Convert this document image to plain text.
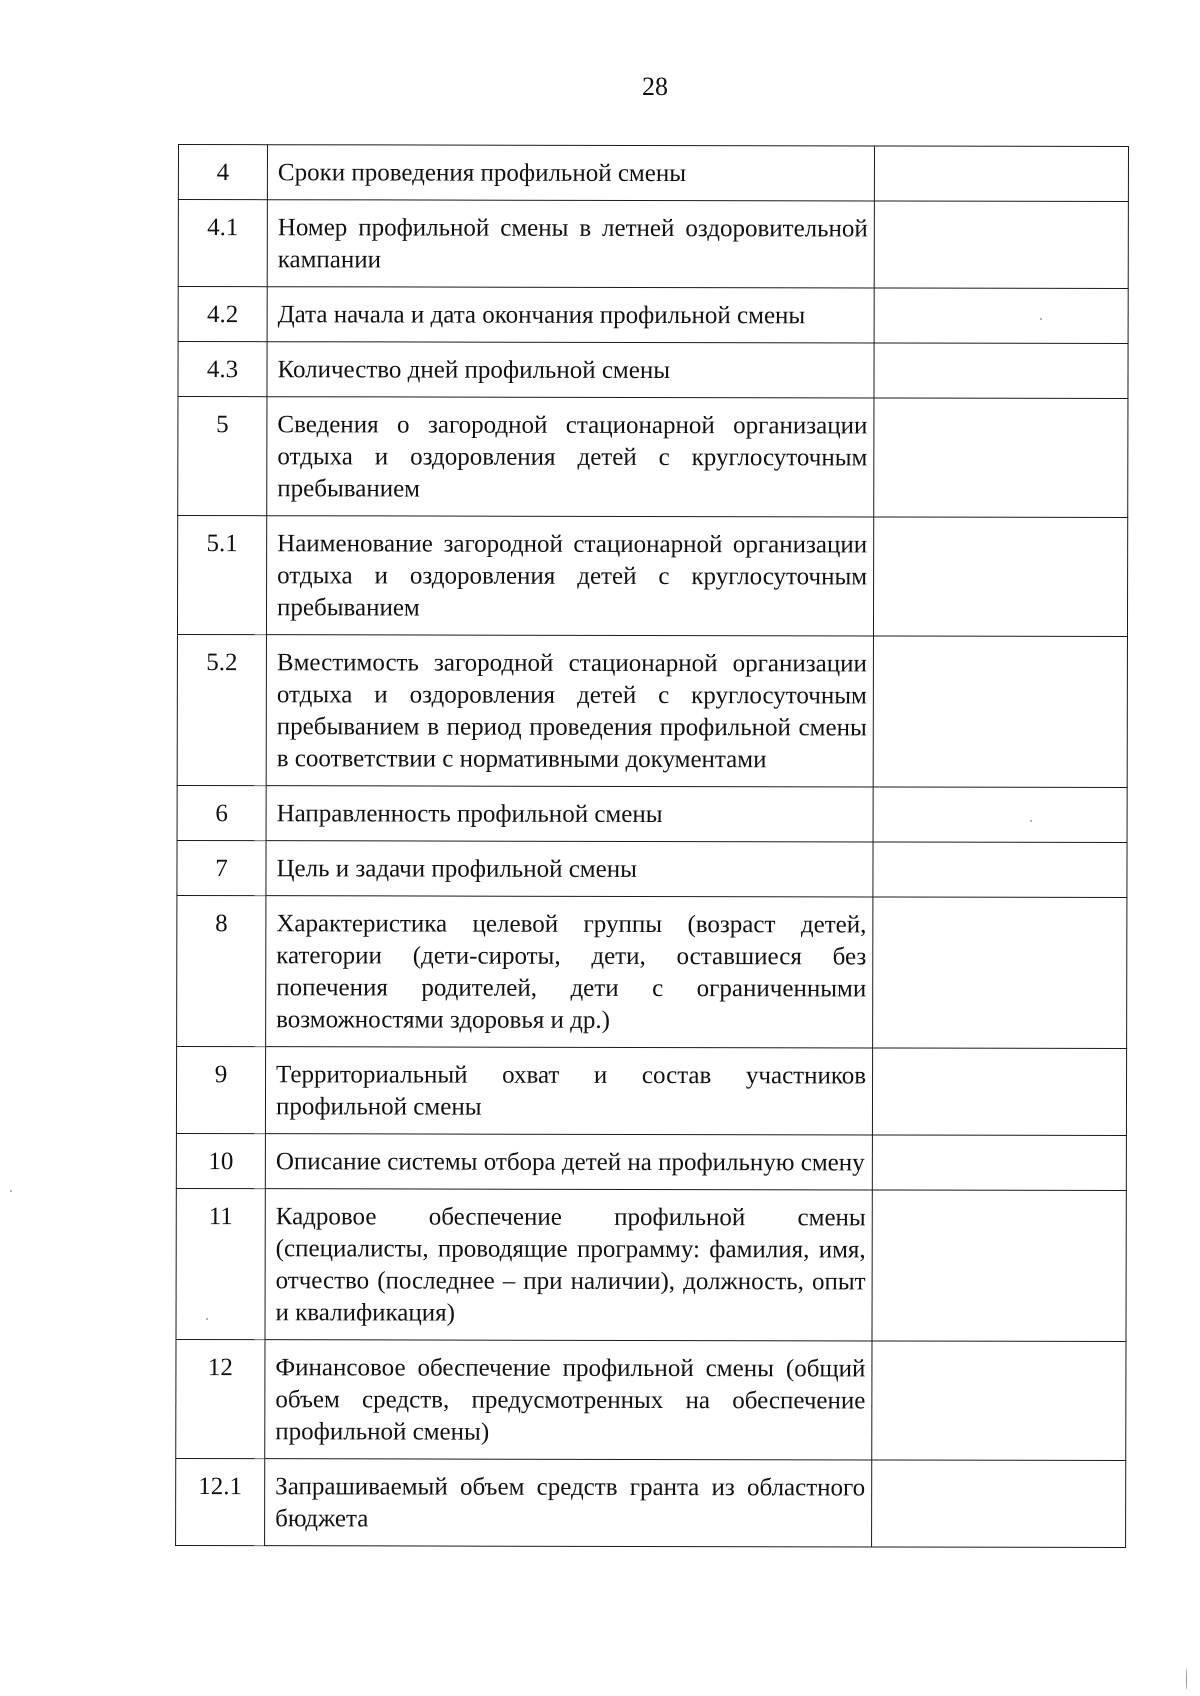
28
4	Сроки проведения профильной смены	
4.1	Номер профильной смены в летней оздоровительной кампании	
4.2	Дата начала и дата окончания профильной смены	
4.3	Количество дней профильной смены	
5	Сведения о загородной стационарной организации отдыха и оздоровления детей с круглосуточным пребыванием	
5.1	Наименование загородной стационарной организации отдыха и оздоровления детей с круглосуточным пребыванием	
5.2	Вместимость загородной стационарной организации отдыха и оздоровления детей с круглосуточным пребыванием в период проведения профильной смены в соответствии с нормативными документами	
6	Направленность профильной смены	
7	Цель и задачи профильной смены	
8	Характеристика целевой группы (возраст детей, категории (дети-сироты, дети, оставшиеся без попечения родителей, дети с ограниченными возможностями здоровья и др.)	
9	Территориальный охват и состав участников профильной смены	
10	Описание системы отбора детей на профильную смену	
11	Кадровое обеспечение профильной смены (специалисты, проводящие программу: фамилия, имя, отчество (последнее – при наличии), должность, опыт и квалификация)	
12	Финансовое обеспечение профильной смены (общий объем средств, предусмотренных на обеспечение профильной смены)	
12.1	Запрашиваемый объем средств гранта из областного бюджета	
